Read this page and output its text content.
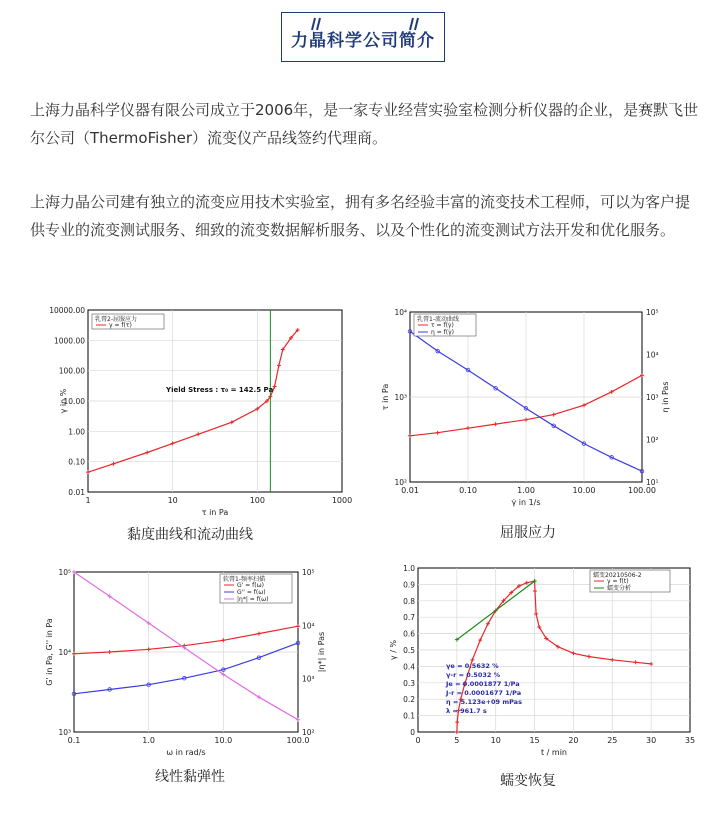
力晶科学公司简介
上海力晶科学仪器有限公司成立于2006年，是一家专业经营实验室检测分析仪器的企业，是赛默飞世尔公司（ThermoFisher）流变仪产品线签约代理商。
上海力晶公司建有独立的流变应用技术实验室，拥有多名经验丰富的流变技术工程师，可以为客户提供专业的流变测试服务、细致的流变数据解析服务、以及个性化的流变测试方法开发和优化服务。
Yield Stress : τ₀ = 142.5 Pa
1	10	100	1000
τ in Pa
0.01
0.10
1.00
10.00
100.00
1000.00
10000.00
γ in %
乳膏2-屈服应力
γ = f(τ)
黏度曲线和流动曲线
0.01	0.10	1.00	10.00	100.00
γ̇ in 1/s
10²
10³
10⁴
τ in Pa
10¹
10²
10³
10⁴
10⁵
η in Pas
乳膏1-流动曲线
τ = f(γ̇)
η = f(γ̇)
屈服应力
0.1	1.0	10.0	100.0
ω in rad/s
10³
10⁴
10⁵
G' in Pa, G'' in Pa
10²
10³
10⁴
10⁵
|η*| in Pas
软膏1-频率扫描
G' = f(ω)
G'' = f(ω)
|η*| = f(ω)
线性黏弹性
0	5	10	15	20	25	30	35
t / min
0
0.1
0.2
0.3
0.4
0.5
0.6
0.7
0.8
0.9
1.0
γ / %
γe = 0.5632 %
γ-r = 0.5032 %
Je = 0.0001877 1/Pa
J-r = 0.0001677 1/Pa
η = 5.123e+09 mPas
λ = 961.7 s
蠕变20210506-2
γ = f(t)
蠕变分析
蠕变恢复
